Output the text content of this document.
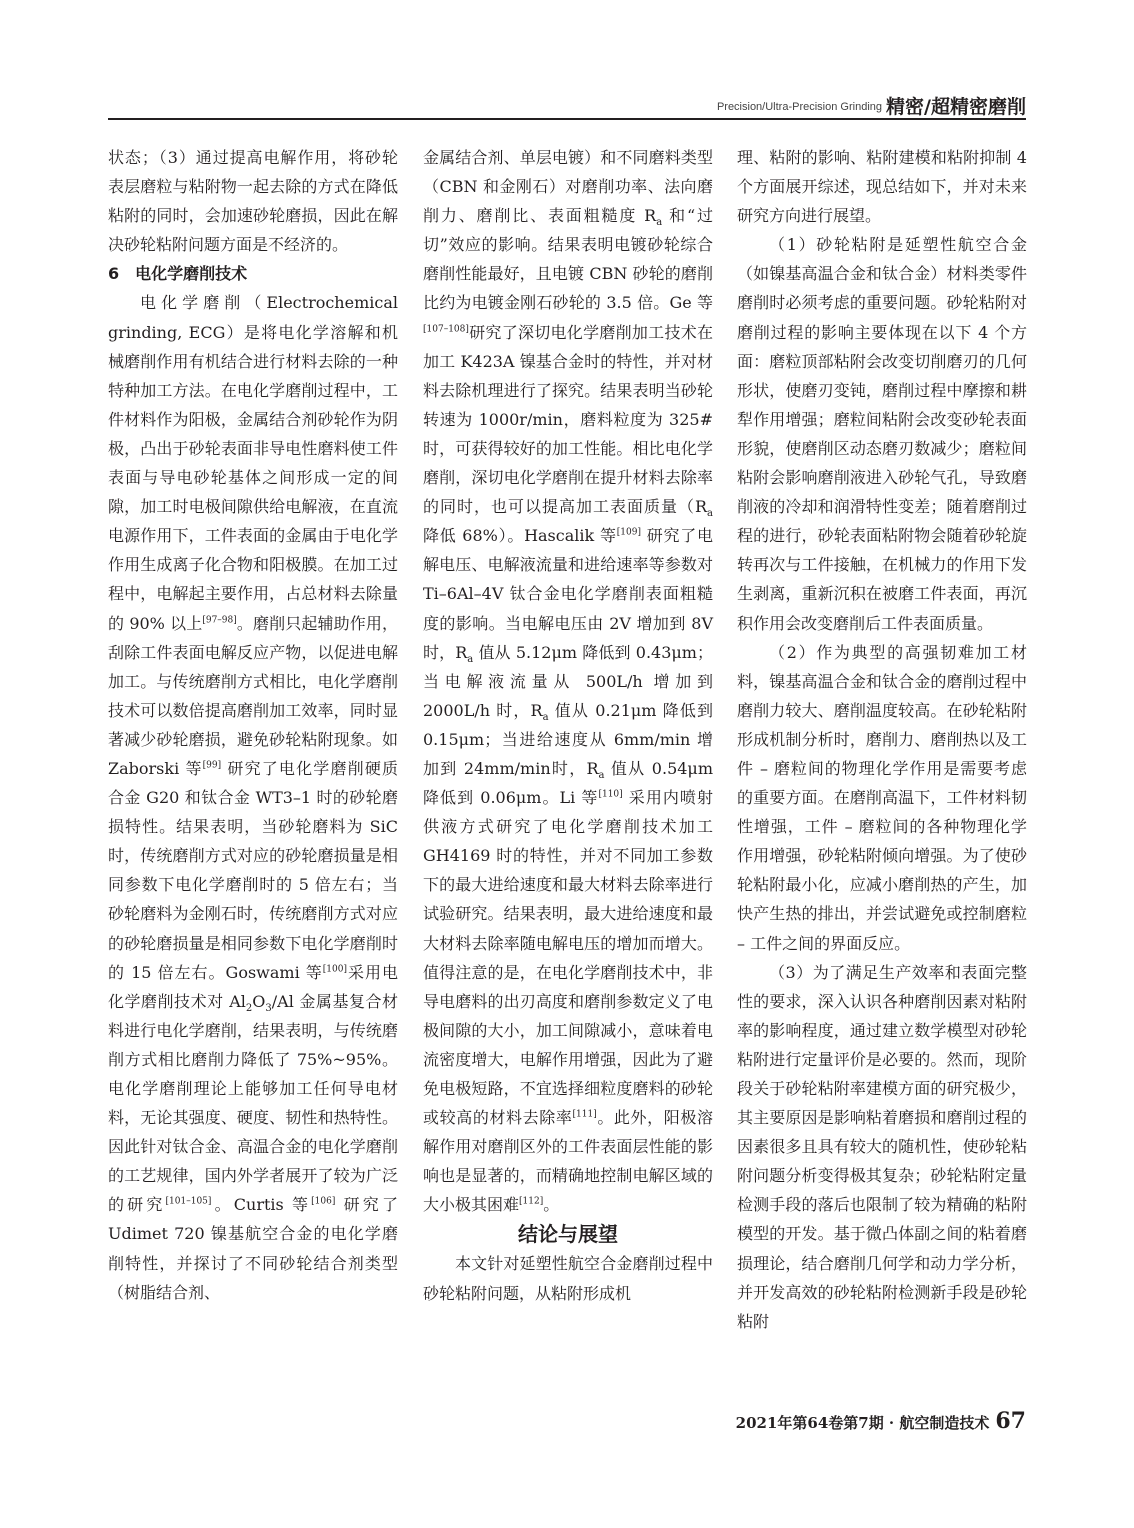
Precision/Ultra-Precision Grinding 精密/超精密磨削

状态；（3）通过提高电解作用，将砂轮表层磨粒与粘附物一起去除的方式在降低粘附的同时，会加速砂轮磨损，因此在解决砂轮粘附问题方面是不经济的。

6　电化学磨削技术

电化学磨削（Electrochemical grinding, ECG）是将电化学溶解和机械磨削作用有机结合进行材料去除的一种特种加工方法。在电化学磨削过程中，工件材料作为阳极，金属结合剂砂轮作为阴极，凸出于砂轮表面非导电性磨料使工件表面与导电砂轮基体之间形成一定的间隙，加工时电极间隙供给电解液，在直流电源作用下，工件表面的金属由于电化学作用生成离子化合物和阳极膜。在加工过程中，电解起主要作用，占总材料去除量的 90% 以上[97–98]。磨削只起辅助作用，刮除工件表面电解反应产物，以促进电解加工。与传统磨削方式相比，电化学磨削技术可以数倍提高磨削加工效率，同时显著减少砂轮磨损，避免砂轮粘附现象。如 Zaborski 等[99] 研究了电化学磨削硬质合金 G20 和钛合金 WT3–1 时的砂轮磨损特性。结果表明，当砂轮磨料为 SiC 时，传统磨削方式对应的砂轮磨损量是相同参数下电化学磨削时的 5 倍左右；当砂轮磨料为金刚石时，传统磨削方式对应的砂轮磨损量是相同参数下电化学磨削时的 15 倍左右。Goswami 等[100]采用电化学磨削技术对 $Al_2O_3/Al$ 金属基复合材料进行电化学磨削，结果表明，与传统磨削方式相比磨削力降低了 75%~95%。电化学磨削理论上能够加工任何导电材料，无论其强度、硬度、韧性和热特性。因此针对钛合金、高温合金的电化学磨削的工艺规律，国内外学者展开了较为广泛的研究[101–105]。Curtis 等[106] 研究了 Udimet 720 镍基航空合金的电化学磨削特性，并探讨了不同砂轮结合剂类型（树脂结合剂、

金属结合剂、单层电镀）和不同磨料类型（CBN 和金刚石）对磨削功率、法向磨削力、磨削比、表面粗糙度 $R_a$ 和“过切”效应的影响。结果表明电镀砂轮综合磨削性能最好，且电镀 CBN 砂轮的磨削比约为电镀金刚石砂轮的 3.5 倍。Ge 等[107–108]研究了深切电化学磨削加工技术在加工 K423A 镍基合金时的特性，并对材料去除机理进行了探究。结果表明当砂轮转速为 1000r/min，磨料粒度为 325# 时，可获得较好的加工性能。相比电化学磨削，深切电化学磨削在提升材料去除率的同时，也可以提高加工表面质量（$R_a$ 降低 68%）。Hascalik 等[109] 研究了电解电压、电解液流量和进给速率等参数对 Ti–6Al–4V 钛合金电化学磨削表面粗糙度的影响。当电解电压由 2V 增加到 8V 时，$R_a$ 值从 5.12μm 降低到 0.43μm；当电解液流量从 500L/h 增加到 2000L/h 时，$R_a$ 值从 0.21μm 降低到 0.15μm；当进给速度从 6mm/min 增加到 24mm/min时，$R_a$ 值从 0.54μm 降低到 0.06μm。Li 等[110] 采用内喷射供液方式研究了电化学磨削技术加工 GH4169 时的特性，并对不同加工参数下的最大进给速度和最大材料去除率进行试验研究。结果表明，最大进给速度和最大材料去除率随电解电压的增加而增大。值得注意的是，在电化学磨削技术中，非导电磨料的出刃高度和磨削参数定义了电极间隙的大小，加工间隙减小，意味着电流密度增大，电解作用增强，因此为了避免电极短路，不宜选择细粒度磨料的砂轮或较高的材料去除率[111]。此外，阳极溶解作用对磨削区外的工件表面层性能的影响也是显著的，而精确地控制电解区域的大小极其困难[112]。

结论与展望

本文针对延塑性航空合金磨削过程中砂轮粘附问题，从粘附形成机

理、粘附的影响、粘附建模和粘附抑制 4 个方面展开综述，现总结如下，并对未来研究方向进行展望。

（1）砂轮粘附是延塑性航空合金（如镍基高温合金和钛合金）材料类零件磨削时必须考虑的重要问题。砂轮粘附对磨削过程的影响主要体现在以下 4 个方面：磨粒顶部粘附会改变切削磨刃的几何形状，使磨刃变钝，磨削过程中摩擦和耕犁作用增强；磨粒间粘附会改变砂轮表面形貌，使磨削区动态磨刃数减少；磨粒间粘附会影响磨削液进入砂轮气孔，导致磨削液的冷却和润滑特性变差；随着磨削过程的进行，砂轮表面粘附物会随着砂轮旋转再次与工件接触，在机械力的作用下发生剥离，重新沉积在被磨工件表面，再沉积作用会改变磨削后工件表面质量。

（2）作为典型的高强韧难加工材料，镍基高温合金和钛合金的磨削过程中磨削力较大、磨削温度较高。在砂轮粘附形成机制分析时，磨削力、磨削热以及工件 – 磨粒间的物理化学作用是需要考虑的重要方面。在磨削高温下，工件材料韧性增强，工件 – 磨粒间的各种物理化学作用增强，砂轮粘附倾向增强。为了使砂轮粘附最小化，应减小磨削热的产生，加快产生热的排出，并尝试避免或控制磨粒 – 工件之间的界面反应。

（3）为了满足生产效率和表面完整性的要求，深入认识各种磨削因素对粘附率的影响程度，通过建立数学模型对砂轮粘附进行定量评价是必要的。然而，现阶段关于砂轮粘附率建模方面的研究极少，其主要原因是影响粘着磨损和磨削过程的因素很多且具有较大的随机性，使砂轮粘附问题分析变得极其复杂；砂轮粘附定量检测手段的落后也限制了较为精确的粘附模型的开发。基于微凸体副之间的粘着磨损理论，结合磨削几何学和动力学分析，并开发高效的砂轮粘附检测新手段是砂轮粘附

2021年第64卷第7期 · 航空制造技术 67
